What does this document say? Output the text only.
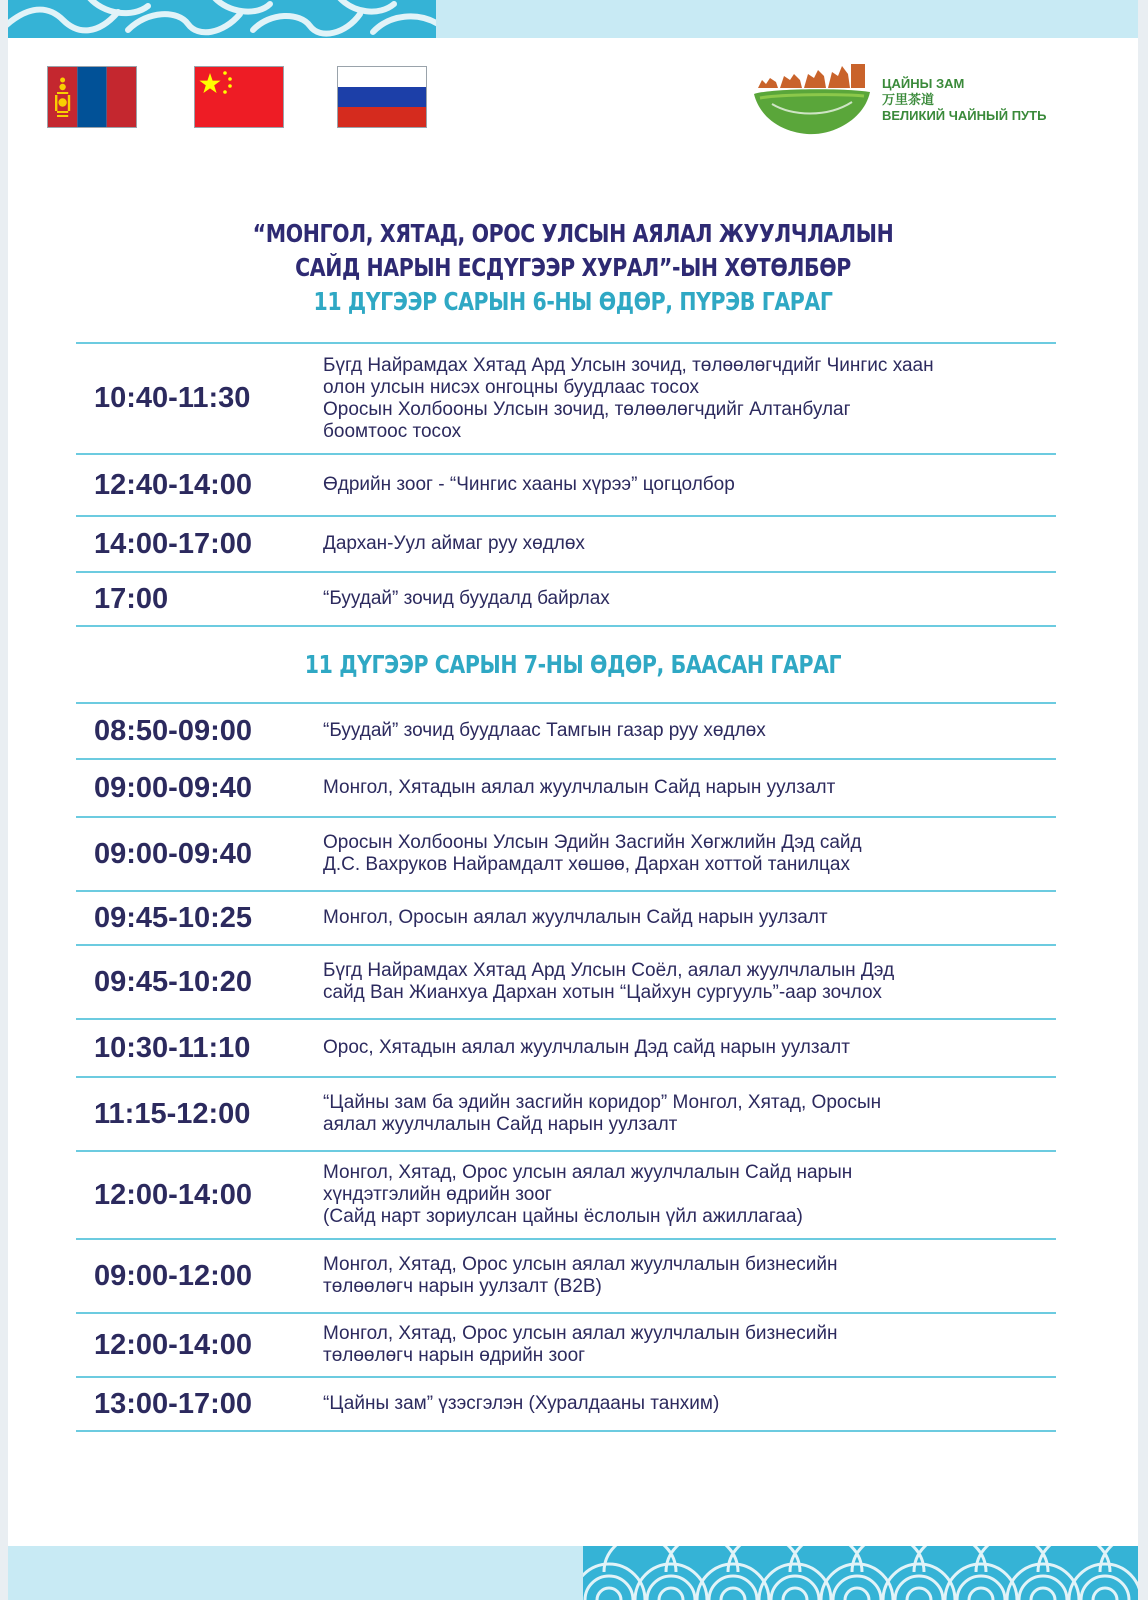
ЦАЙНЫ ЗАМ
万里茶道
ВЕЛИКИЙ ЧАЙНЫЙ ПУТЬ
“МОНГОЛ, ХЯТАД, ОРОС УЛСЫН АЯЛАЛ ЖУУЛЧЛАЛЫН
САЙД НАРЫН ЕСДҮГЭЭР ХУРАЛ”-ЫН ХӨТӨЛБӨР
11 ДҮГЭЭР САРЫН 6-НЫ ӨДӨР, ПҮРЭВ ГАРАГ
10:40-11:30
Бүгд Найрамдах Хятад Ард Улсын зочид, төлөөлөгчдийг Чингис хаан
олон улсын нисэх онгоцны буудлаас тосох
Оросын Холбооны Улсын зочид, төлөөлөгчдийг Алтанбулаг
боомтоос тосох
12:40-14:00	Өдрийн зоог - “Чингис хааны хүрээ” цогцолбор
14:00-17:00	Дархан-Уул аймаг руу хөдлөх
17:00	“Буудай” зочид буудалд байрлах
11 ДҮГЭЭР САРЫН 7-НЫ ӨДӨР, БААСАН ГАРАГ
08:50-09:00	“Буудай” зочид буудлаас Тамгын газар руу хөдлөх
09:00-09:40	Монгол, Хятадын аялал жуулчлалын Сайд нарын уулзалт
09:00-09:40	Оросын Холбооны Улсын Эдийн Засгийн Хөгжлийн Дэд сайд
Д.С. Вахруков Найрамдалт хөшөө, Дархан хоттой танилцах
09:45-10:25	Монгол, Оросын аялал жуулчлалын Сайд нарын уулзалт
09:45-10:20	Бүгд Найрамдах Хятад Ард Улсын Соёл, аялал жуулчлалын Дэд
сайд Ван Жианхуа Дархан хотын “Цайхун сургууль”-аар зочлох
10:30-11:10	Орос, Хятадын аялал жуулчлалын Дэд сайд нарын уулзалт
11:15-12:00	“Цайны зам ба эдийн засгийн коридор” Монгол, Хятад, Оросын
аялал жуулчлалын Сайд нарын уулзалт
12:00-14:00
Монгол, Хятад, Орос улсын аялал жуулчлалын Сайд нарын
хүндэтгэлийн өдрийн зоог
(Сайд нарт зориулсан цайны ёслолын үйл ажиллагаа)
09:00-12:00	Монгол, Хятад, Орос улсын аялал жуулчлалын бизнесийн
төлөөлөгч нарын уулзалт (B2B)
12:00-14:00	Монгол, Хятад, Орос улсын аялал жуулчлалын бизнесийн
төлөөлөгч нарын өдрийн зоог
13:00-17:00	“Цайны зам” үзэсгэлэн (Хуралдааны танхим)
